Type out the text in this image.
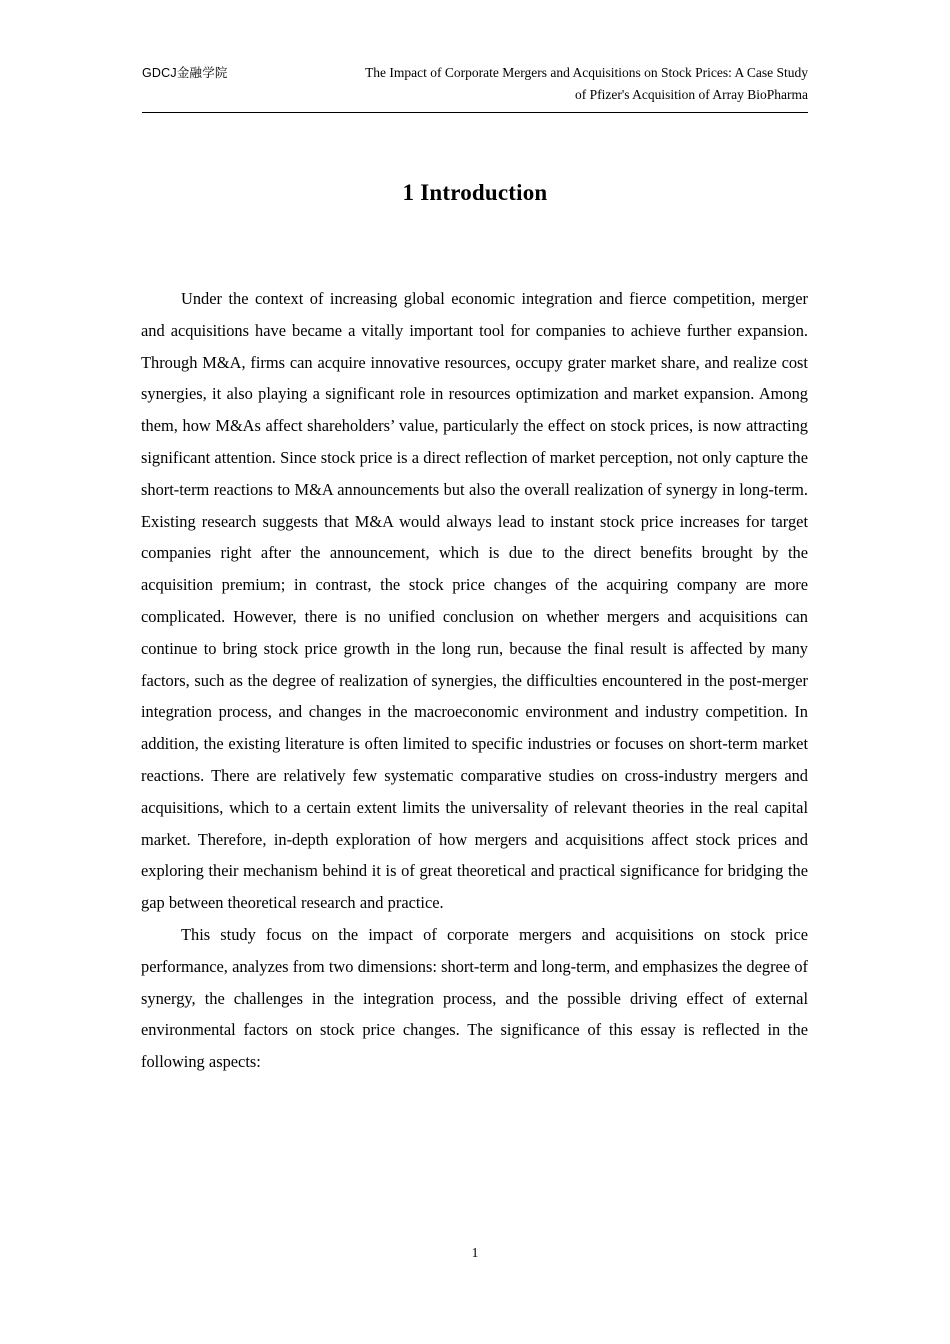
GDCJ金融学院	The Impact of Corporate Mergers and Acquisitions on Stock Prices: A Case Study
of Pfizer's Acquisition of Array BioPharma
1 Introduction

Under the context of increasing global economic integration and fierce competition, merger and acquisitions have became a vitally important tool for companies to achieve further expansion. Through M&A, firms can acquire innovative resources, occupy grater market share, and realize cost synergies, it also playing a significant role in resources optimization and market expansion. Among them, how M&As affect shareholders’ value, particularly the effect on stock prices, is now attracting significant attention. Since stock price is a direct reflection of market perception, not only capture the short-term reactions to M&A announcements but also the overall realization of synergy in long-term. Existing research suggests that M&A would always lead to instant stock price increases for target companies right after the announcement, which is due to the direct benefits brought by the acquisition premium; in contrast, the stock price changes of the acquiring company are more complicated. However, there is no unified conclusion on whether mergers and acquisitions can continue to bring stock price growth in the long run, because the final result is affected by many factors, such as the degree of realization of synergies, the difficulties encountered in the post-merger integration process, and changes in the macroeconomic environment and industry competition. In addition, the existing literature is often limited to specific industries or focuses on short-term market reactions. There are relatively few systematic comparative studies on cross-industry mergers and acquisitions, which to a certain extent limits the universality of relevant theories in the real capital market. Therefore, in-depth exploration of how mergers and acquisitions affect stock prices and exploring their mechanism behind it is of great theoretical and practical significance for bridging the gap between theoretical research and practice.

This study focus on the impact of corporate mergers and acquisitions on stock price performance, analyzes from two dimensions: short-term and long-term, and emphasizes the degree of synergy, the challenges in the integration process, and the possible driving effect of external environmental factors on stock price changes. The significance of this essay is reflected in the following aspects:

1
